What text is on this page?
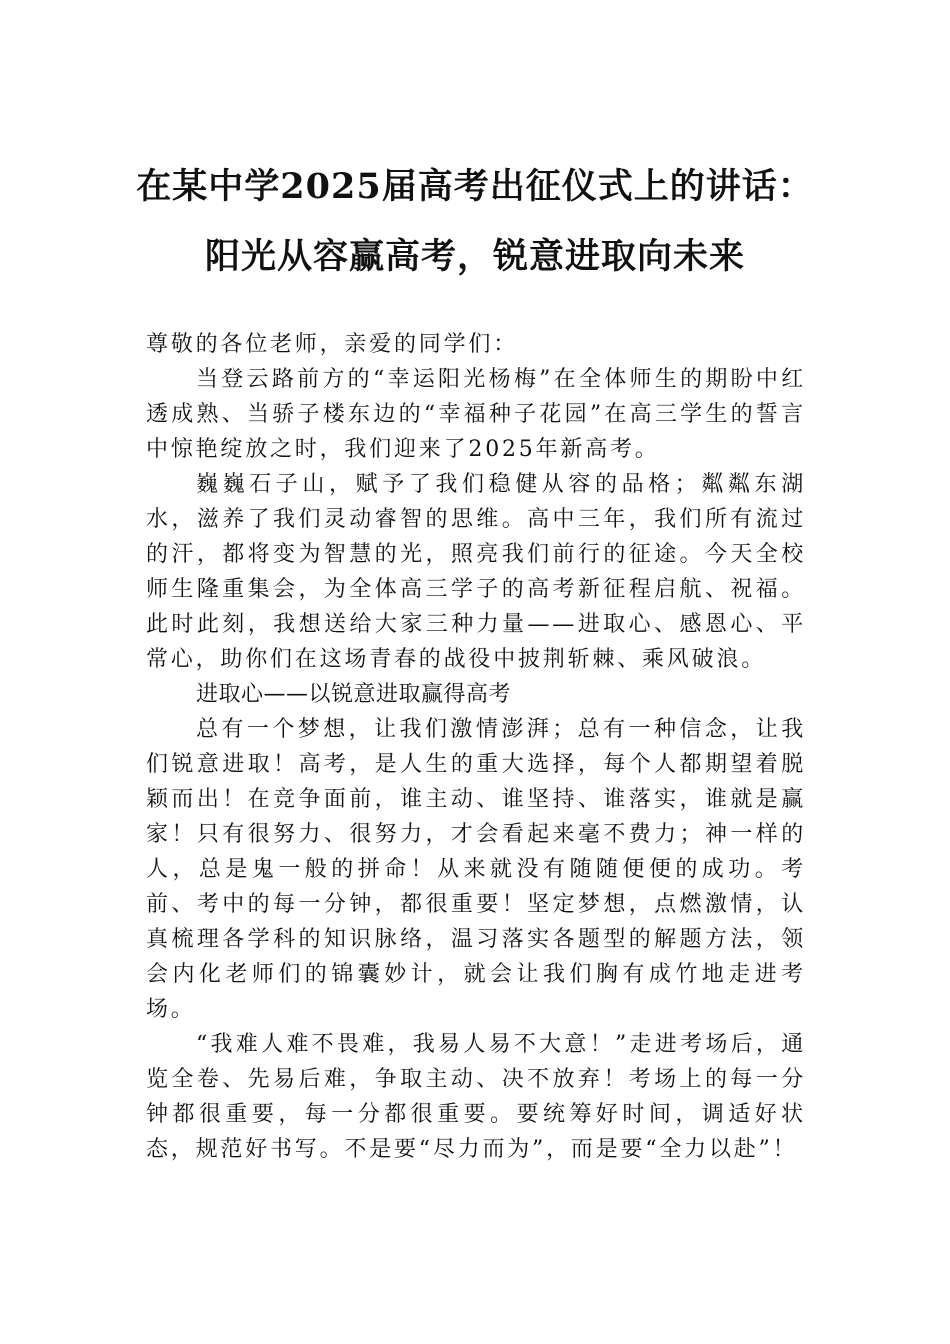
在某中学2025届高考出征仪式上的讲话：
阳光从容赢高考，锐意进取向未来

尊敬的各位老师，亲爱的同学们：

当登云路前方的“幸运阳光杨梅”在全体师生的期盼中红透成熟、当骄子楼东边的“幸福种子花园”在高三学生的誓言中惊艳绽放之时，我们迎来了2025年新高考。

巍巍石子山，赋予了我们稳健从容的品格；粼粼东湖水，滋养了我们灵动睿智的思维。高中三年，我们所有流过的汗，都将变为智慧的光，照亮我们前行的征途。今天全校师生隆重集会，为全体高三学子的高考新征程启航、祝福。此时此刻，我想送给大家三种力量——进取心、感恩心、平常心，助你们在这场青春的战役中披荆斩棘、乘风破浪。

进取心——以锐意进取赢得高考

总有一个梦想，让我们激情澎湃；总有一种信念，让我们锐意进取！高考，是人生的重大选择，每个人都期望着脱颖而出！在竞争面前，谁主动、谁坚持、谁落实，谁就是赢家！只有很努力、很努力，才会看起来毫不费力；神一样的人，总是鬼一般的拼命！从来就没有随随便便的成功。考前、考中的每一分钟，都很重要！坚定梦想，点燃激情，认真梳理各学科的知识脉络，温习落实各题型的解题方法，领会内化老师们的锦囊妙计，就会让我们胸有成竹地走进考场。

“我难人难不畏难，我易人易不大意！”走进考场后，通览全卷、先易后难，争取主动、决不放弃！考场上的每一分钟都很重要，每一分都很重要。要统筹好时间，调适好状态，规范好书写。不是要“尽力而为”，而是要“全力以赴”！
